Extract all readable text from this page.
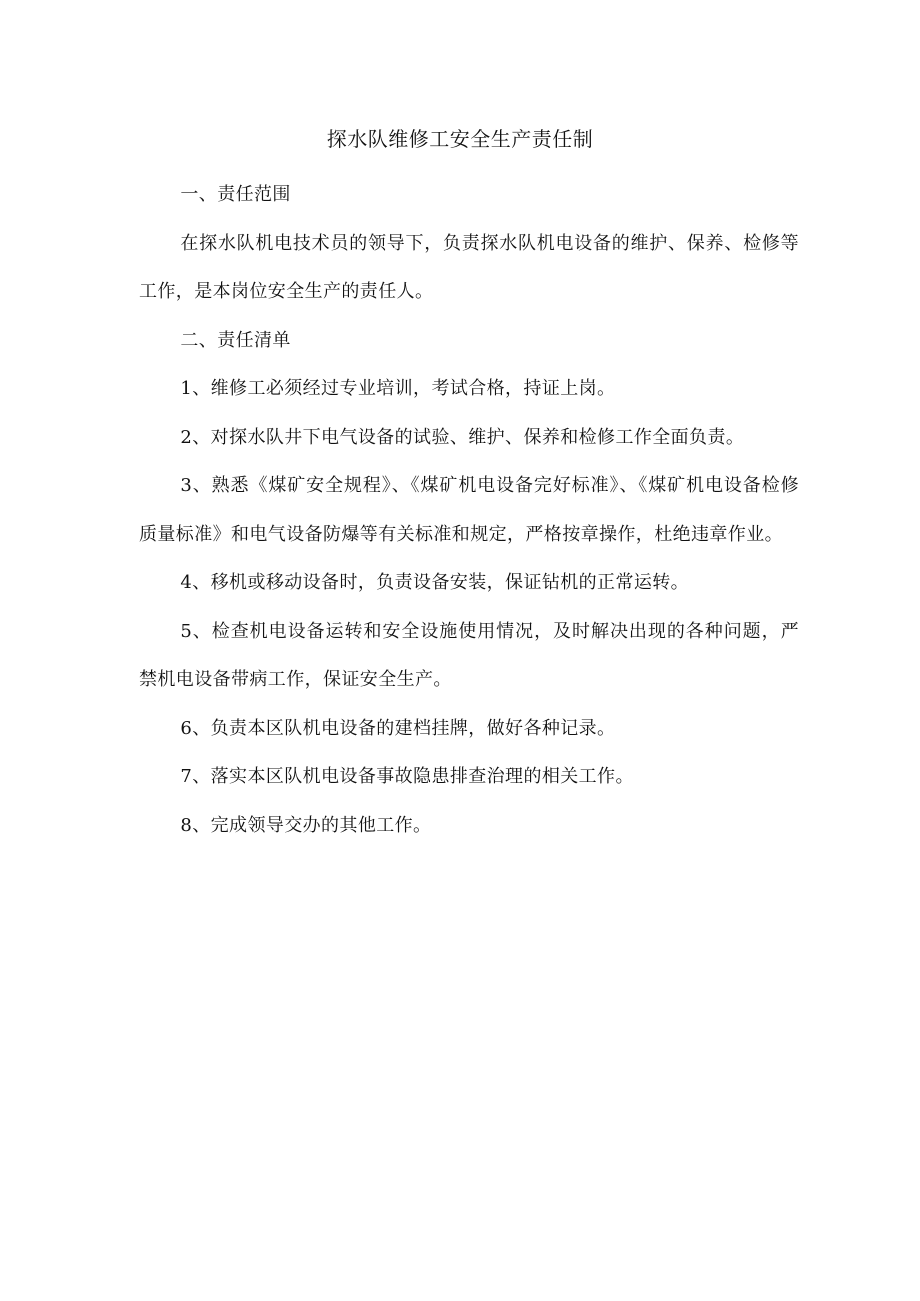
探水队维修工安全生产责任制

一、责任范围

在探水队机电技术员的领导下，负责探水队机电设备的维护、保养、检修等工作，是本岗位安全生产的责任人。

二、责任清单

1、维修工必须经过专业培训，考试合格，持证上岗。

2、对探水队井下电气设备的试验、维护、保养和检修工作全面负责。

3、熟悉《煤矿安全规程》、《煤矿机电设备完好标准》、《煤矿机电设备检修质量标准》和电气设备防爆等有关标准和规定，严格按章操作，杜绝违章作业。

4、移机或移动设备时，负责设备安装，保证钻机的正常运转。

5、检查机电设备运转和安全设施使用情况，及时解决出现的各种问题，严禁机电设备带病工作，保证安全生产。

6、负责本区队机电设备的建档挂牌，做好各种记录。

7、落实本区队机电设备事故隐患排查治理的相关工作。

8、完成领导交办的其他工作。
